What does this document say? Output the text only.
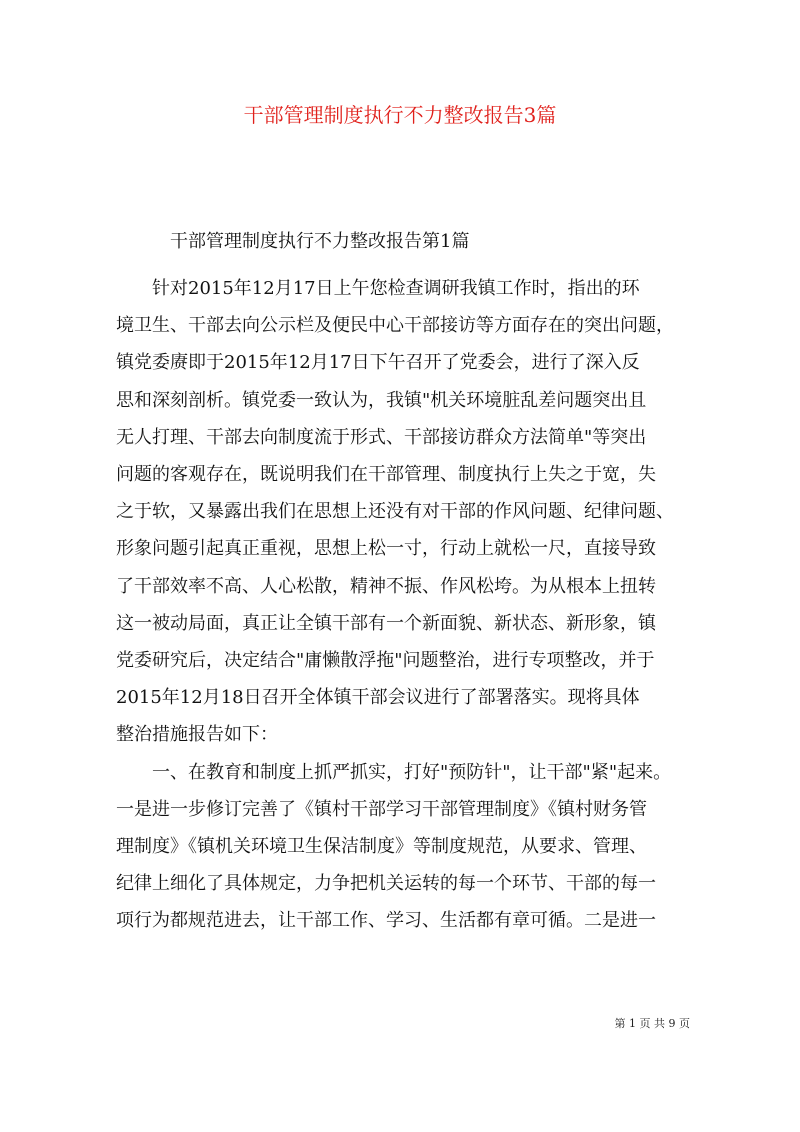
干部管理制度执行不力整改报告3篇
干部管理制度执行不力整改报告第1篇
针对2015年12月17日上午您检查调研我镇工作时，指出的环
境卫生、干部去向公示栏及便民中心干部接访等方面存在的突出问题，
镇党委赓即于2015年12月17日下午召开了党委会，进行了深入反
思和深刻剖析。镇党委一致认为，我镇"机关环境脏乱差问题突出且
无人打理、干部去向制度流于形式、干部接访群众方法简单"等突出
问题的客观存在，既说明我们在干部管理、制度执行上失之于宽，失
之于软，又暴露出我们在思想上还没有对干部的作风问题、纪律问题、
形象问题引起真正重视，思想上松一寸，行动上就松一尺，直接导致
了干部效率不高、人心松散，精神不振、作风松垮。为从根本上扭转
这一被动局面，真正让全镇干部有一个新面貌、新状态、新形象，镇
党委研究后，决定结合"庸懒散浮拖"问题整治，进行专项整改，并于
2015年12月18日召开全体镇干部会议进行了部署落实。现将具体
整治措施报告如下：
一、在教育和制度上抓严抓实，打好"预防针"，让干部"紧"起来。
一是进一步修订完善了《镇村干部学习干部管理制度》《镇村财务管
理制度》《镇机关环境卫生保洁制度》等制度规范，从要求、管理、
纪律上细化了具体规定，力争把机关运转的每一个环节、干部的每一
项行为都规范进去，让干部工作、学习、生活都有章可循。二是进一
第 1 页 共 9 页
